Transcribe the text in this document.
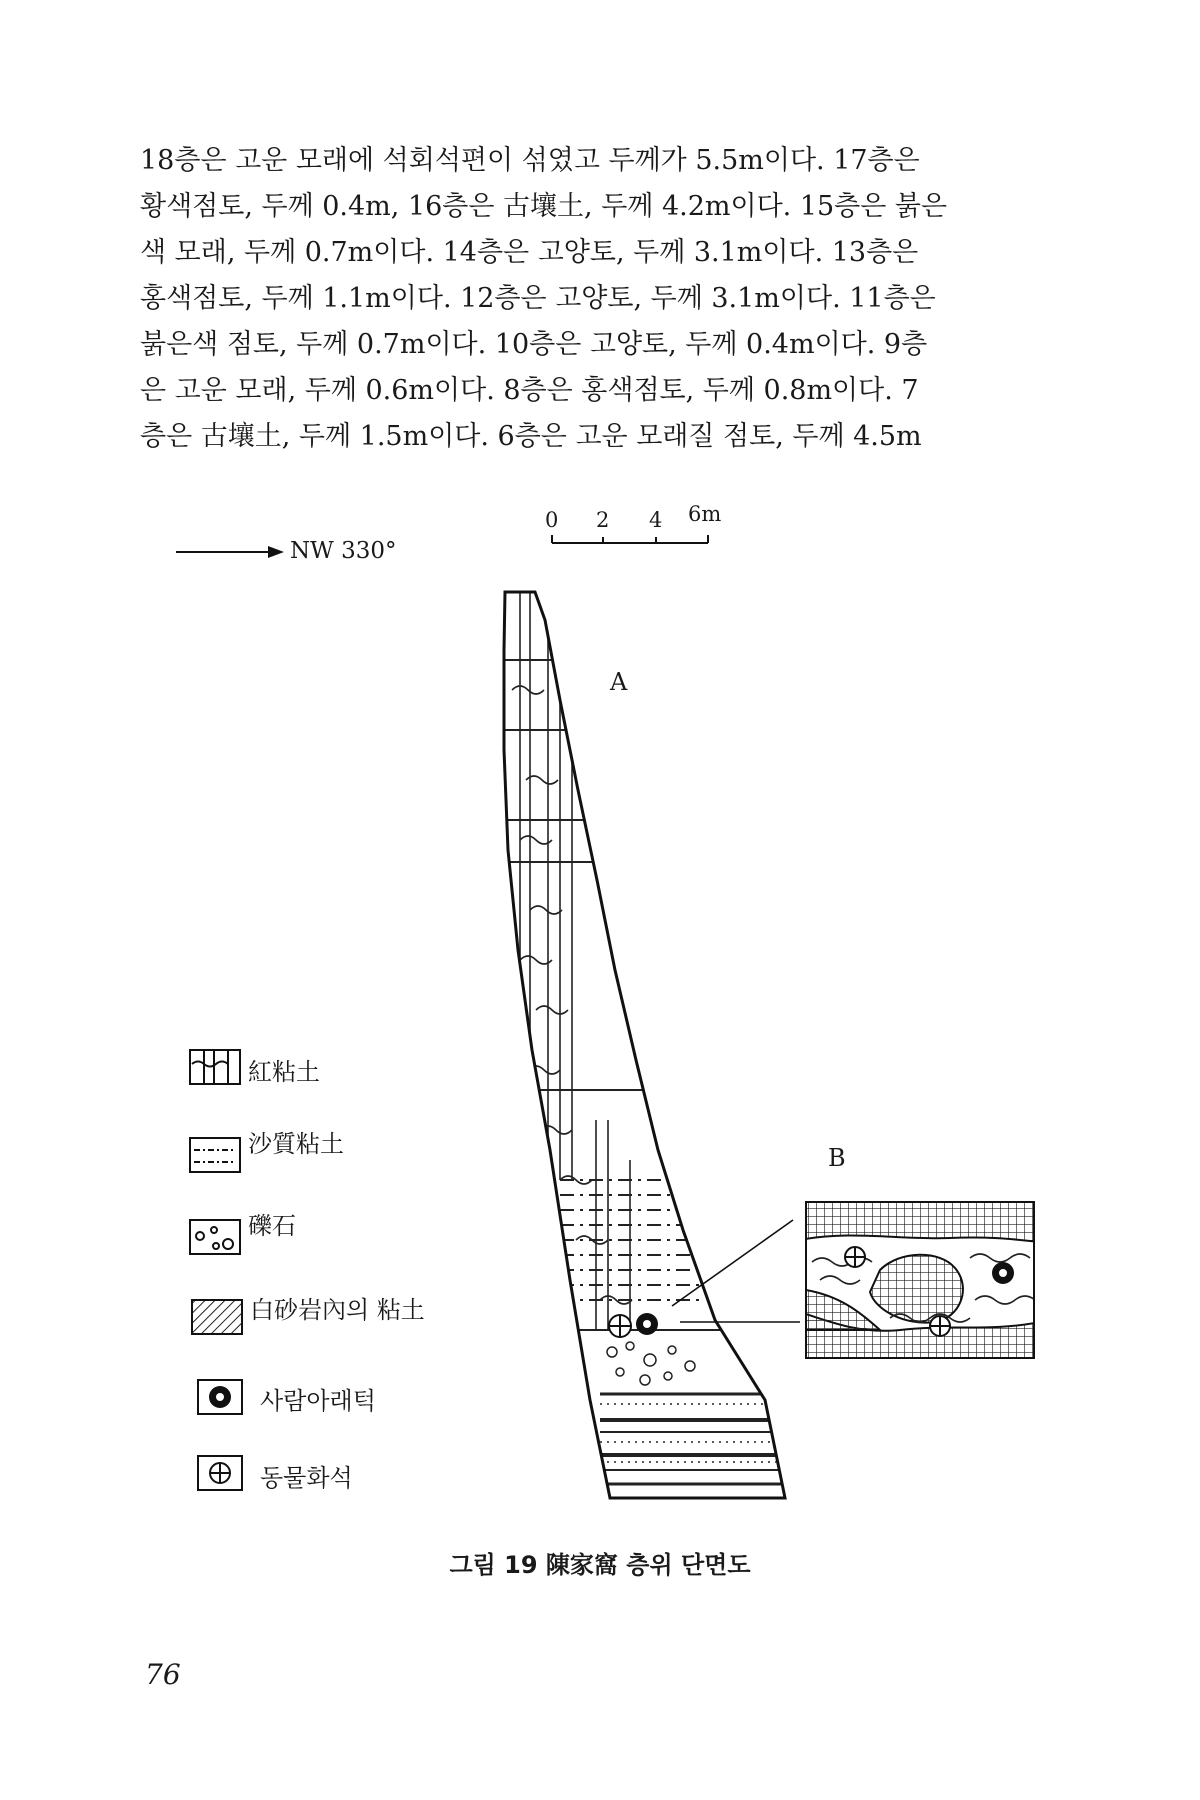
18층은 고운 모래에 석회석편이 섞였고 두께가 5.5m이다. 17층은
황색점토, 두께 0.4m, 16층은 古壤土, 두께 4.2m이다. 15층은 붉은
색 모래, 두께 0.7m이다. 14층은 고양토, 두께 3.1m이다. 13층은
홍색점토, 두께 1.1m이다. 12층은 고양토, 두께 3.1m이다. 11층은
붉은색 점토, 두께 0.7m이다. 10층은 고양토, 두께 0.4m이다. 9층
은 고운 모래, 두께 0.6m이다. 8층은 홍색점토, 두께 0.8m이다. 7
층은 古壤土, 두께 1.5m이다. 6층은 고운 모래질 점토, 두께 4.5m
NW 330°
0 2 4 6m
A
B
紅粘土
沙質粘土
礫石
白砂岩內의 粘土
사람아래턱
동물화석
그림 19 陳家窩 층위 단면도
76
